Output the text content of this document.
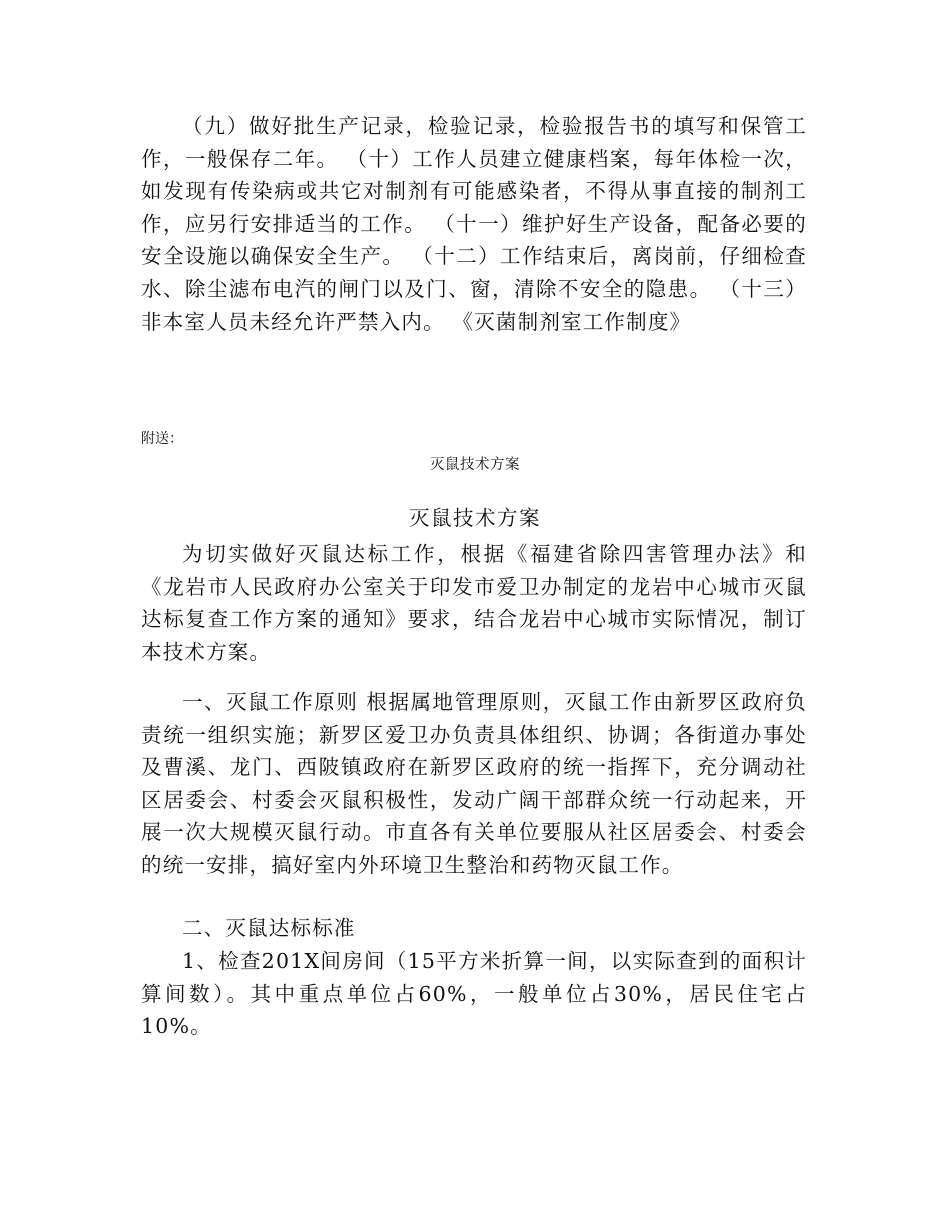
（九）做好批生产记录，检验记录，检验报告书的填写和保管工作，一般保存二年。 （十）工作人员建立健康档案，每年体检一次，如发现有传染病或共它对制剂有可能感染者，不得从事直接的制剂工作，应另行安排适当的工作。 （十一）维护好生产设备，配备必要的安全设施以确保安全生产。 （十二）工作结束后，离岗前，仔细检查水、除尘滤布电汽的闸门以及门、窗，清除不安全的隐患。 （十三）非本室人员未经允许严禁入内。 《灭菌制剂室工作制度》

附送：

灭鼠技术方案

灭鼠技术方案

为切实做好灭鼠达标工作，根据《福建省除四害管理办法》和《龙岩市人民政府办公室关于印发市爱卫办制定的龙岩中心城市灭鼠达标复查工作方案的通知》要求，结合龙岩中心城市实际情况，制订本技术方案。

一、灭鼠工作原则 根据属地管理原则，灭鼠工作由新罗区政府负责统一组织实施；新罗区爱卫办负责具体组织、协调；各街道办事处及曹溪、龙门、西陂镇政府在新罗区政府的统一指挥下，充分调动社区居委会、村委会灭鼠积极性，发动广阔干部群众统一行动起来，开展一次大规模灭鼠行动。市直各有关单位要服从社区居委会、村委会的统一安排，搞好室内外环境卫生整治和药物灭鼠工作。

二、灭鼠达标标准

1、检查201X间房间（15平方米折算一间，以实际查到的面积计算间数）。其中重点单位占60%，一般单位占30%，居民住宅占10%。
